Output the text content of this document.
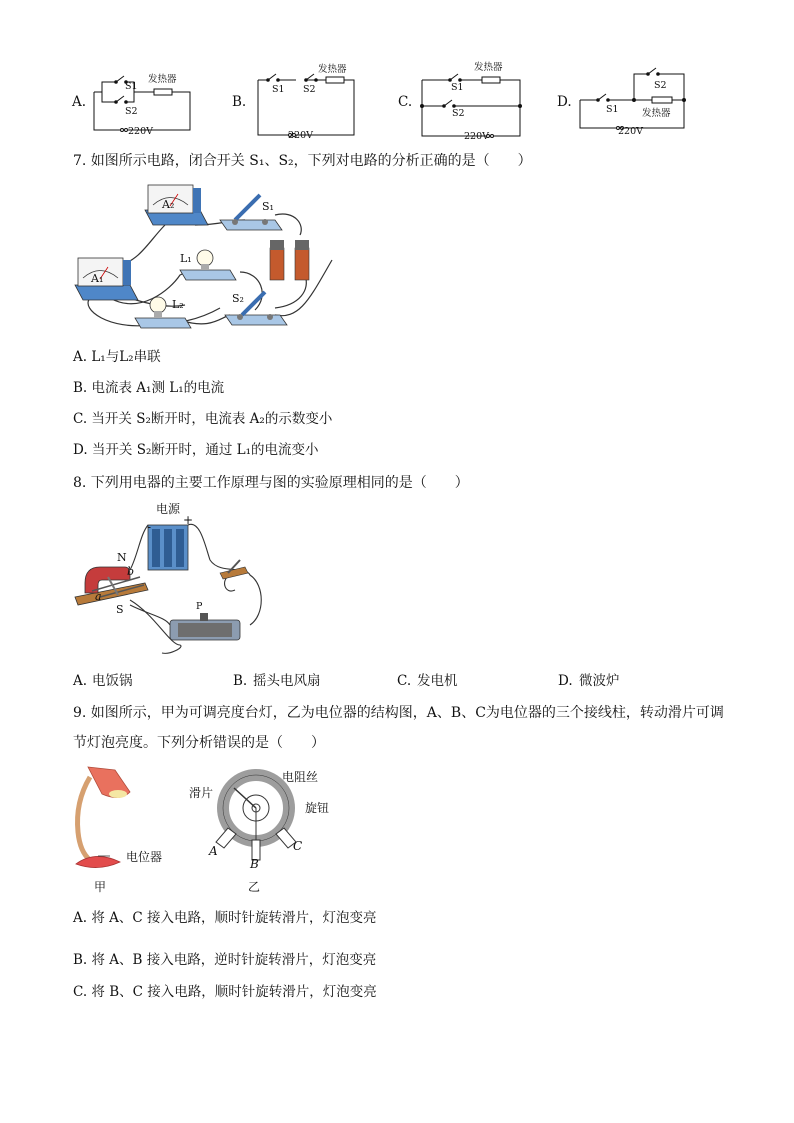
A.
发热器
S1
S2
220V
B.
发热器
S1 S2
220V
C.
发热器
S1
S2
220V
D.
S2
S1 发热器
220V
7. 如图所示电路，闭合开关 S₁、S₂，下列对电路的分析正确的是（　　）
A₂	S₁
L₁
A₁
L₂	S₂
A. L₁与L₂串联
B. 电流表 A₁测 L₁的电流
C. 当开关 S₂断开时，电流表 A₂的示数变小
D. 当开关 S₂断开时，通过 L₁的电流变小
8. 下列用电器的主要工作原理与图的实验原理相同的是（　　）
电源
-	+
N
S
a
b
P
A. 电饭锅	B. 摇头电风扇	C. 发电机	D. 微波炉
9. 如图所示，甲为可调亮度台灯，乙为电位器的结构图，A、B、C为电位器的三个接线柱，转动滑片可调
节灯泡亮度。下列分析错误的是（　　）
电位器
甲
电阻丝
滑片
旋钮
A
B
C
乙
A. 将 A、C 接入电路，顺时针旋转滑片，灯泡变亮
B. 将 A、B 接入电路，逆时针旋转滑片，灯泡变亮
C. 将 B、C 接入电路，顺时针旋转滑片，灯泡变亮
